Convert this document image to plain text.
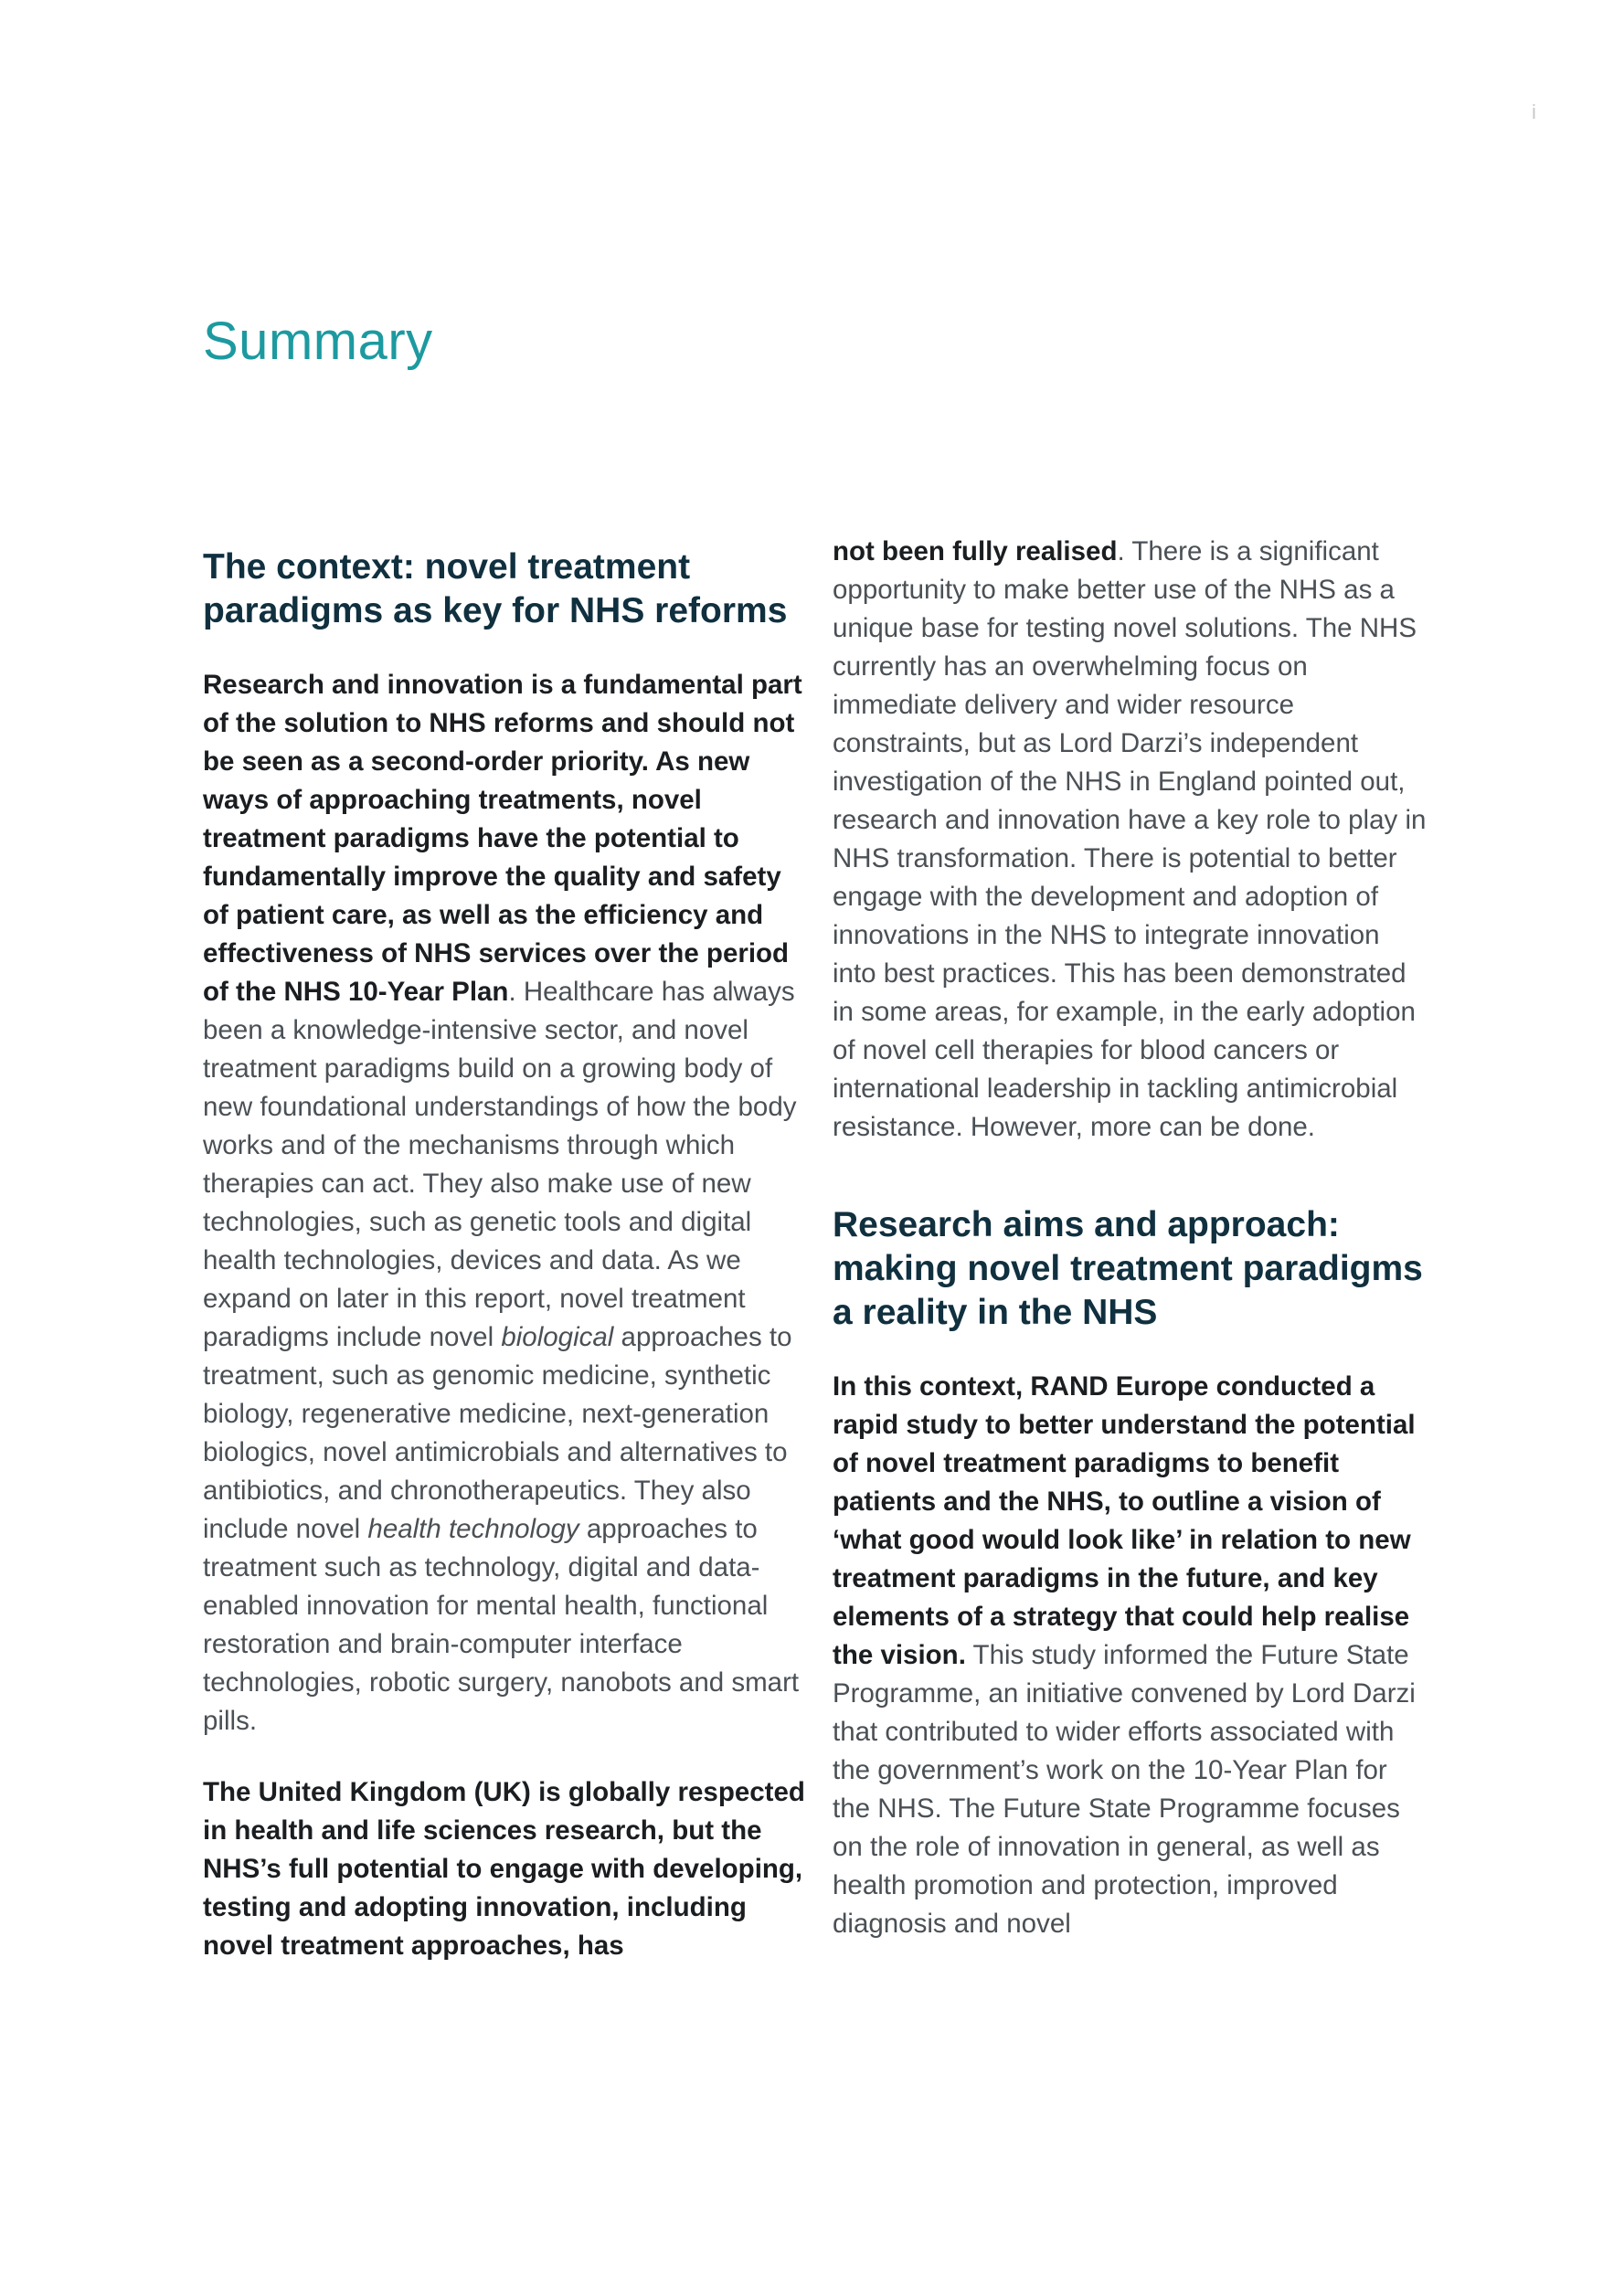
i
Summary
The context: novel treatment paradigms as key for NHS reforms

Research and innovation is a fundamental part of the solution to NHS reforms and should not be seen as a second-order priority. As new ways of approaching treatments, novel treatment paradigms have the potential to fundamentally improve the quality and safety of patient care, as well as the efficiency and effectiveness of NHS services over the period of the NHS 10-Year Plan. Healthcare has always been a knowledge-intensive sector, and novel treatment paradigms build on a growing body of new foundational understandings of how the body works and of the mechanisms through which therapies can act. They also make use of new technologies, such as genetic tools and digital health technologies, devices and data. As we expand on later in this report, novel treatment paradigms include novel biological approaches to treatment, such as genomic medicine, synthetic biology, regenerative medicine, next-generation biologics, novel antimicrobials and alternatives to antibiotics, and chronotherapeutics. They also include novel health technology approaches to treatment such as technology, digital and data-enabled innovation for mental health, functional restoration and brain-computer interface technologies, robotic surgery, nanobots and smart pills.

The United Kingdom (UK) is globally respected in health and life sciences research, but the NHS’s full potential to engage with developing, testing and adopting innovation, including novel treatment approaches, has

not been fully realised. There is a significant opportunity to make better use of the NHS as a unique base for testing novel solutions. The NHS currently has an overwhelming focus on immediate delivery and wider resource constraints, but as Lord Darzi’s independent investigation of the NHS in England pointed out, research and innovation have a key role to play in NHS transformation. There is potential to better engage with the development and adoption of innovations in the NHS to integrate innovation into best practices. This has been demonstrated in some areas, for example, in the early adoption of novel cell therapies for blood cancers or international leadership in tackling antimicrobial resistance. However, more can be done.

Research aims and approach: making novel treatment paradigms a reality in the NHS

In this context, RAND Europe conducted a rapid study to better understand the potential of novel treatment paradigms to benefit patients and the NHS, to outline a vision of ‘what good would look like’ in relation to new treatment paradigms in the future, and key elements of a strategy that could help realise the vision. This study informed the Future State Programme, an initiative convened by Lord Darzi that contributed to wider efforts associated with the government’s work on the 10-Year Plan for the NHS. The Future State Programme focuses on the role of innovation in general, as well as health promotion and protection, improved diagnosis and novel
